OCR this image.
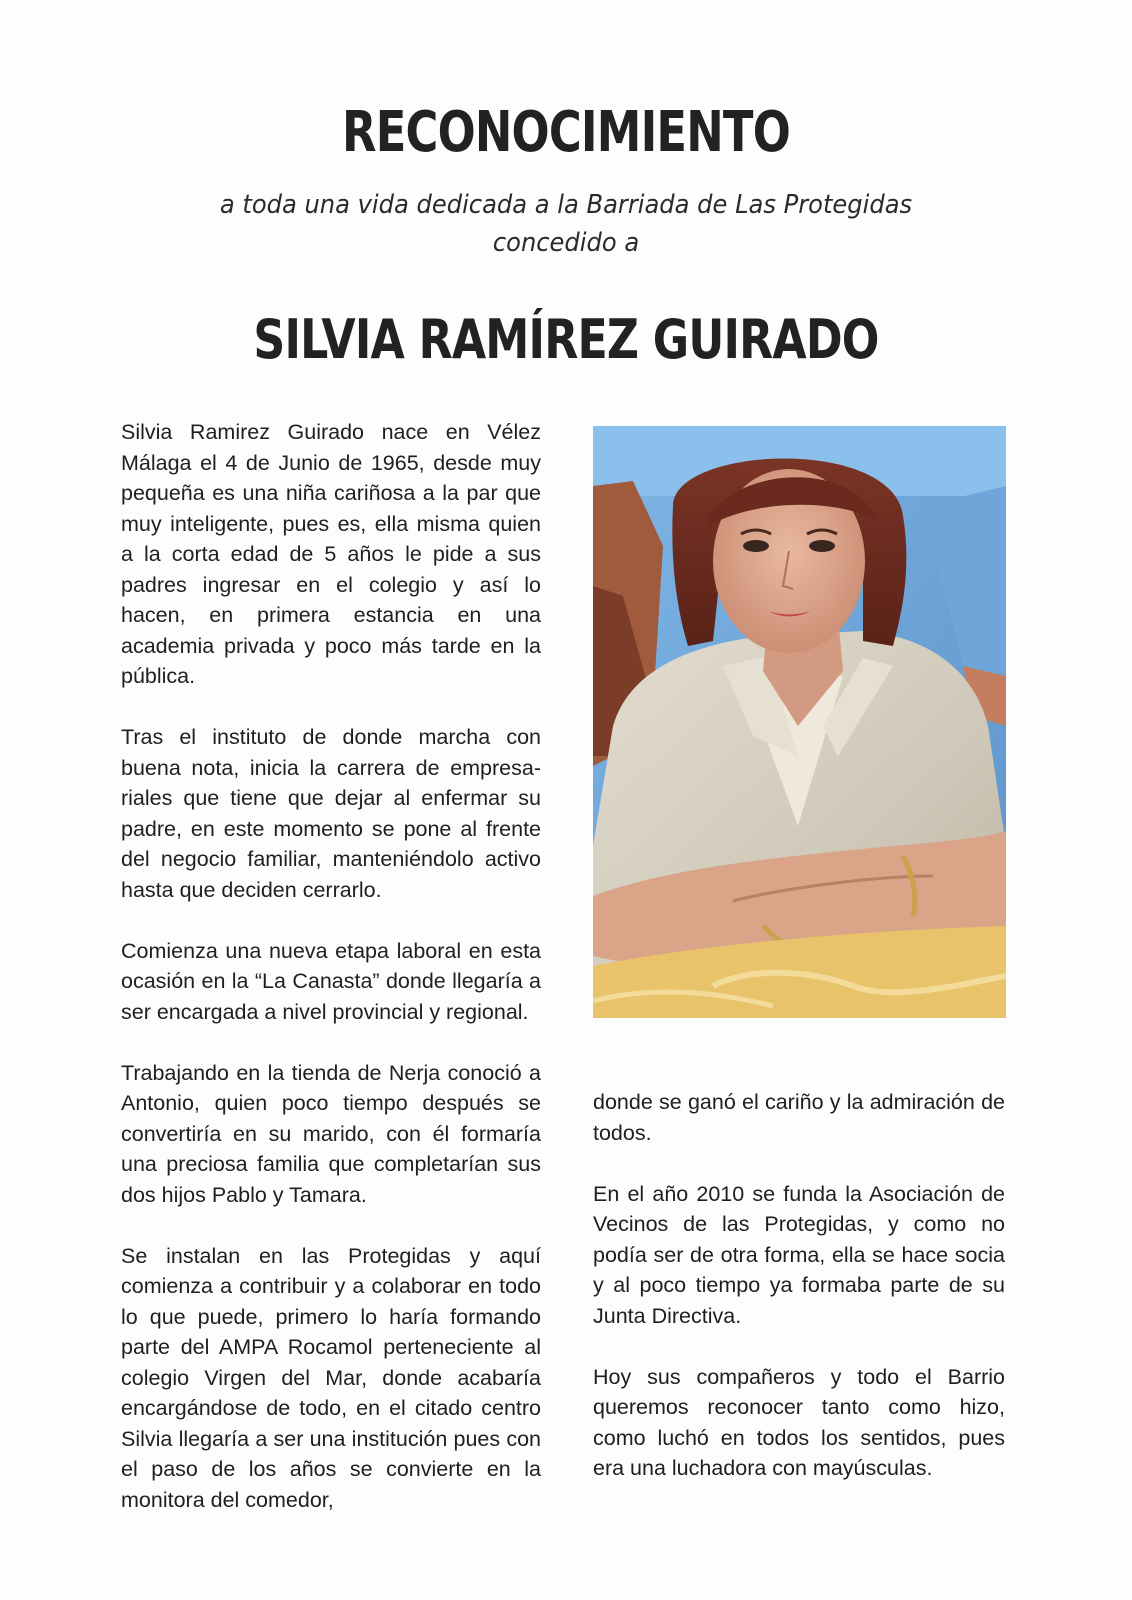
RECONOCIMIENTO
a toda una vida dedicada a la Barriada de Las Protegidas
concedido a
SILVIA RAMÍREZ GUIRADO

Silvia Ramirez Guirado nace en Vélez Málaga el 4 de Junio de 1965, desde muy pequeña es una niña cariñosa a la par que muy inteligente, pues es, ella misma quien a la corta edad de 5 años le pide a sus padres ingresar en el colegio y así lo hacen, en primera estancia en una academia privada y poco más tarde en la pública.

Tras el instituto de donde marcha con buena nota, inicia la carrera de empresa-riales que tiene que dejar al enfermar su padre, en este momento se pone al frente del negocio familiar, manteniéndolo activo hasta que deciden cerrarlo.

Comienza una nueva etapa laboral en esta ocasión en la “La Canasta” donde llegaría a ser encargada a nivel provincial y regional.

Trabajando en la tienda de Nerja conoció a Antonio, quien poco tiempo después se convertiría en su marido, con él formaría una preciosa familia que completarían sus dos hijos Pablo y Tamara.

Se instalan en las Protegidas y aquí comienza a contribuir y a colaborar en todo lo que puede, primero lo haría formando parte del AMPA Rocamol perteneciente al colegio Virgen del Mar, donde acabaría encargándose de todo, en el citado centro Silvia llegaría a ser una institución pues con el paso de los años se convierte en la monitora del comedor,

donde se ganó el cariño y la admiración de todos.

En el año 2010 se funda la Asociación de Vecinos de las Protegidas, y como no podía ser de otra forma, ella se hace socia y al poco tiempo ya formaba parte de su Junta Directiva.

Hoy sus compañeros y todo el Barrio queremos reconocer tanto como hizo, como luchó en todos los sentidos, pues era una luchadora con mayúsculas.
